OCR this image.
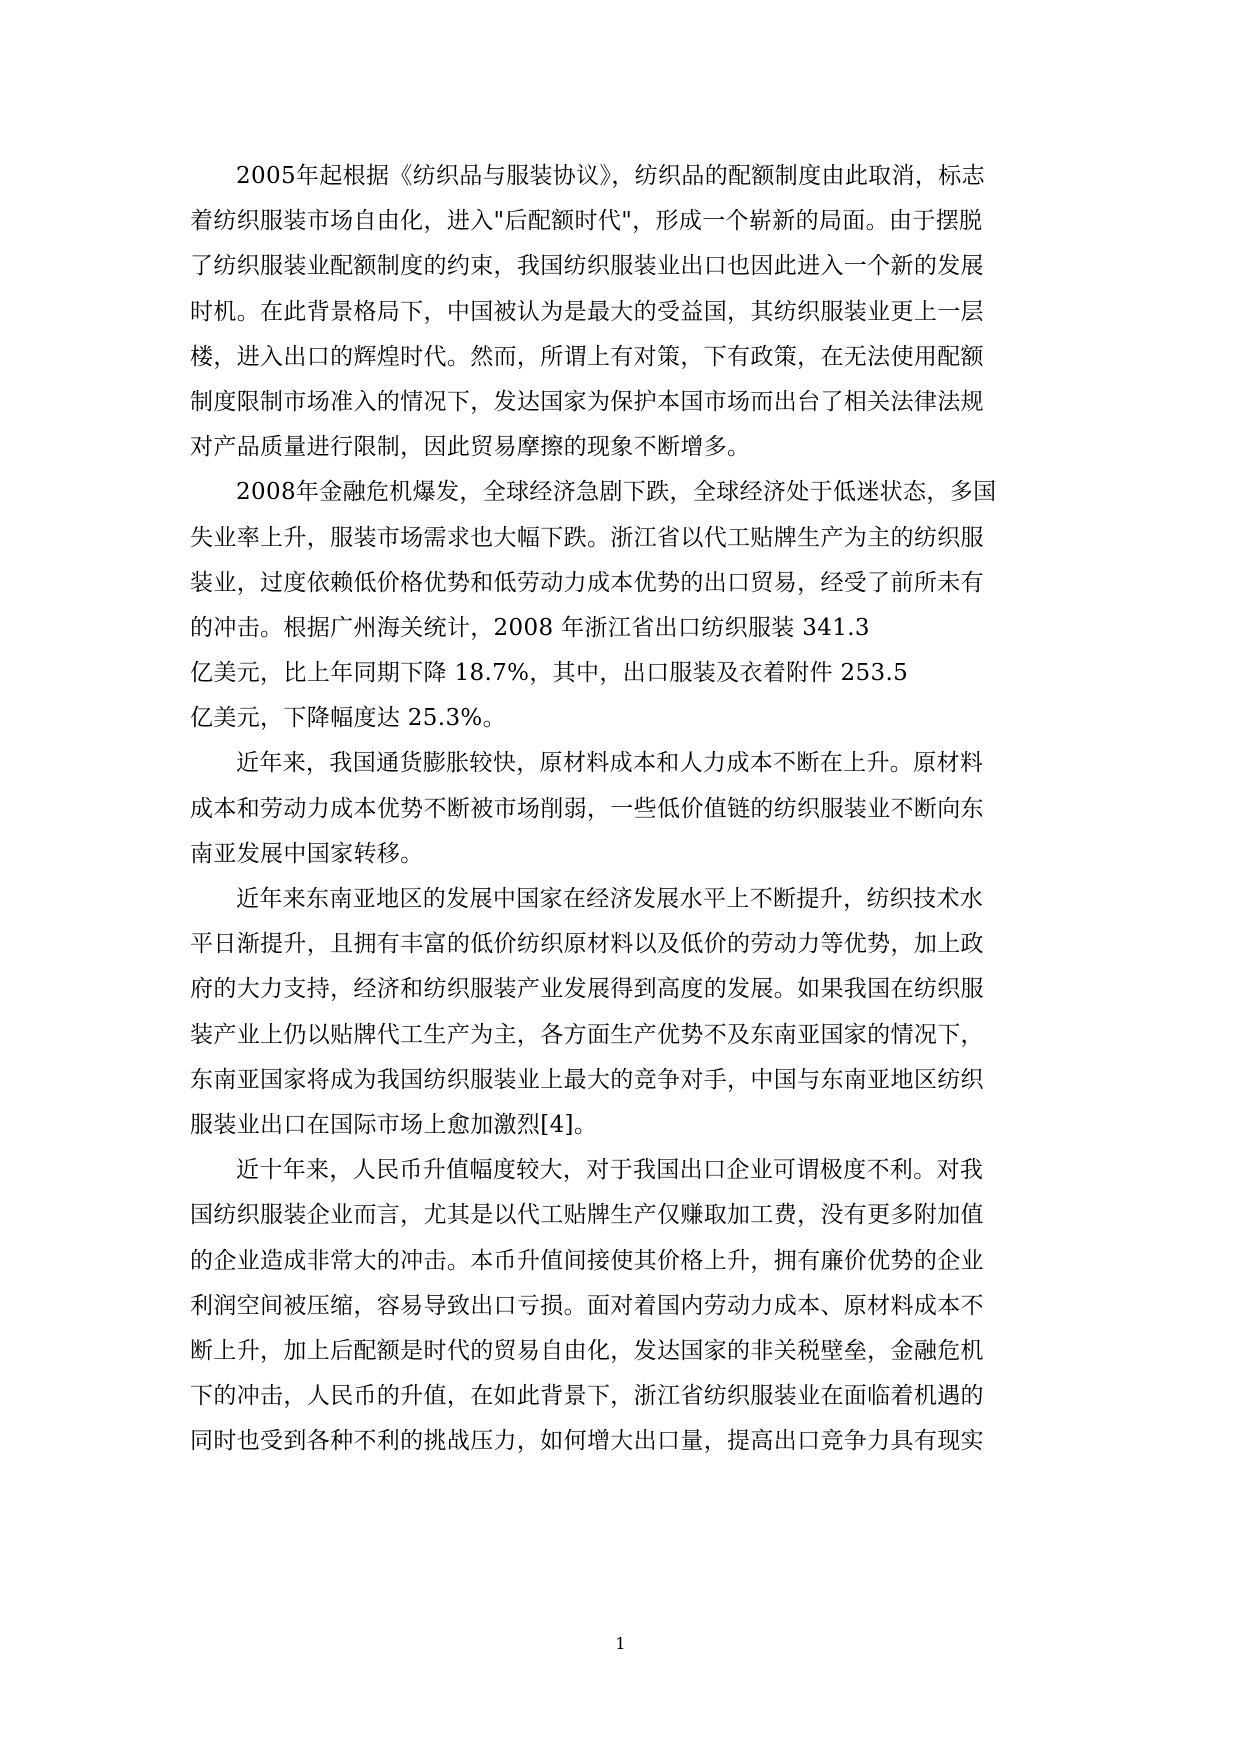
2005年起根据《纺织品与服装协议》，纺织品的配额制度由此取消，标志
着纺织服装市场自由化，进入"后配额时代"，形成一个崭新的局面。由于摆脱
了纺织服装业配额制度的约束，我国纺织服装业出口也因此进入一个新的发展
时机。在此背景格局下，中国被认为是最大的受益国，其纺织服装业更上一层
楼，进入出口的辉煌时代。然而，所谓上有对策，下有政策，在无法使用配额
制度限制市场准入的情况下，发达国家为保护本国市场而出台了相关法律法规
对产品质量进行限制，因此贸易摩擦的现象不断增多。
2008年金融危机爆发，全球经济急剧下跌，全球经济处于低迷状态，多国
失业率上升，服装市场需求也大幅下跌。浙江省以代工贴牌生产为主的纺织服
装业，过度依赖低价格优势和低劳动力成本优势的出口贸易，经受了前所未有
的冲击。根据广州海关统计，2008 年浙江省出口纺织服装 341.3
亿美元，比上年同期下降 18.7%，其中，出口服装及衣着附件 253.5
亿美元，下降幅度达 25.3%。
近年来，我国通货膨胀较快，原材料成本和人力成本不断在上升。原材料
成本和劳动力成本优势不断被市场削弱，一些低价值链的纺织服装业不断向东
南亚发展中国家转移。
近年来东南亚地区的发展中国家在经济发展水平上不断提升，纺织技术水
平日渐提升，且拥有丰富的低价纺织原材料以及低价的劳动力等优势，加上政
府的大力支持，经济和纺织服装产业发展得到高度的发展。如果我国在纺织服
装产业上仍以贴牌代工生产为主，各方面生产优势不及东南亚国家的情况下，
东南亚国家将成为我国纺织服装业上最大的竞争对手，中国与东南亚地区纺织
服装业出口在国际市场上愈加激烈[4]。
近十年来，人民币升值幅度较大，对于我国出口企业可谓极度不利。对我
国纺织服装企业而言，尤其是以代工贴牌生产仅赚取加工费，没有更多附加值
的企业造成非常大的冲击。本币升值间接使其价格上升，拥有廉价优势的企业
利润空间被压缩，容易导致出口亏损。面对着国内劳动力成本、原材料成本不
断上升，加上后配额是时代的贸易自由化，发达国家的非关税壁垒，金融危机
下的冲击，人民币的升值，在如此背景下，浙江省纺织服装业在面临着机遇的
同时也受到各种不利的挑战压力，如何增大出口量，提高出口竞争力具有现实
1
